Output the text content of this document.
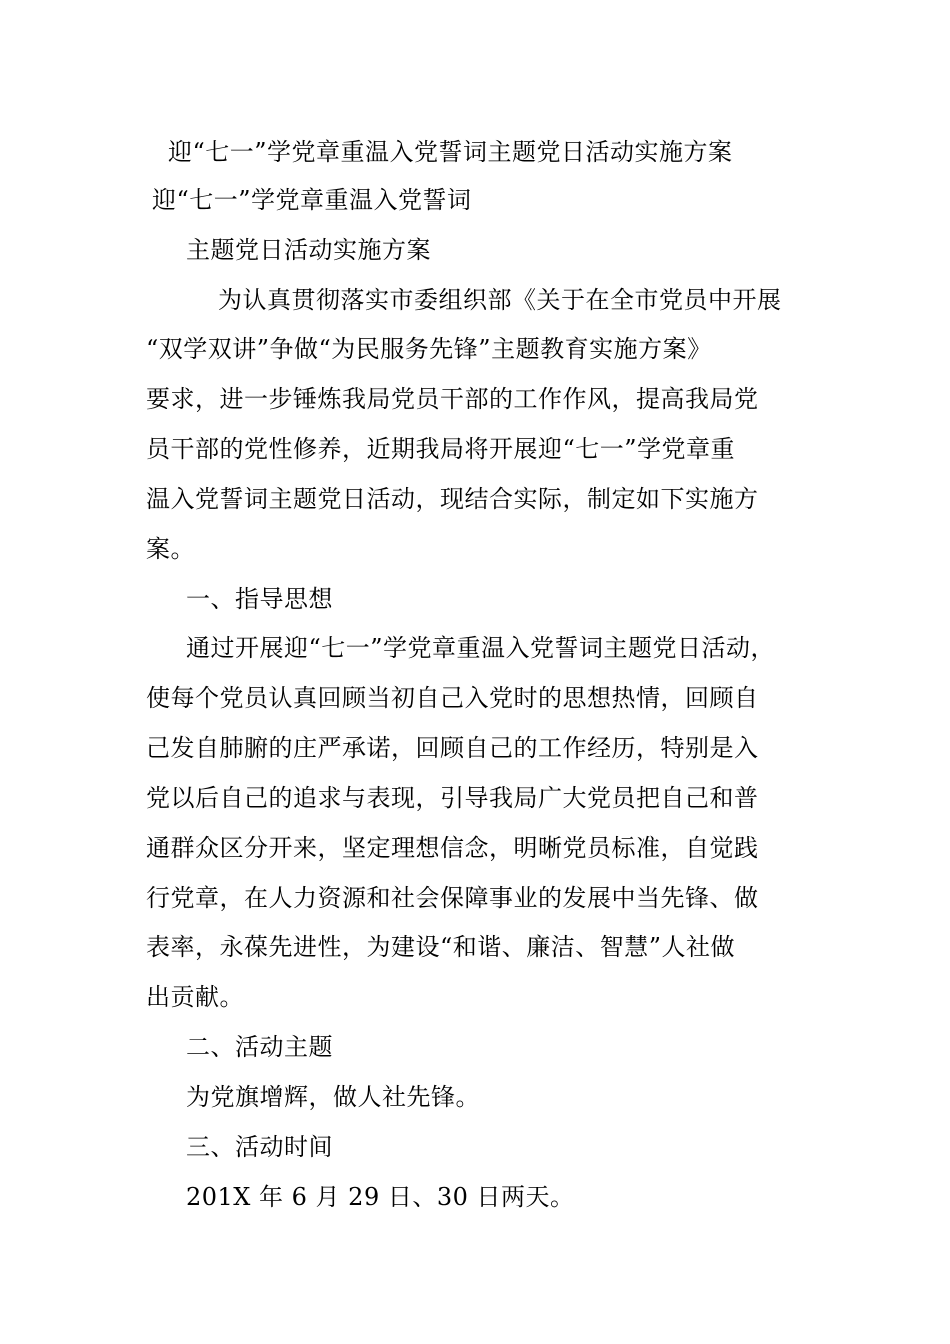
迎“七一”学党章重温入党誓词主题党日活动实施方案
迎“七一”学党章重温入党誓词
主题党日活动实施方案
为认真贯彻落实市委组织部《关于在全市党员中开展
“双学双讲”争做“为民服务先锋”主题教育实施方案》
要求，进一步锤炼我局党员干部的工作作风，提高我局党
员干部的党性修养，近期我局将开展迎“七一”学党章重
温入党誓词主题党日活动，现结合实际，制定如下实施方
案。
一、指导思想
通过开展迎“七一”学党章重温入党誓词主题党日活动，
使每个党员认真回顾当初自己入党时的思想热情，回顾自
己发自肺腑的庄严承诺，回顾自己的工作经历，特别是入
党以后自己的追求与表现，引导我局广大党员把自己和普
通群众区分开来，坚定理想信念，明晰党员标准，自觉践
行党章，在人力资源和社会保障事业的发展中当先锋、做
表率，永葆先进性，为建设“和谐、廉洁、智慧”人社做
出贡献。
二、活动主题
为党旗增辉，做人社先锋。
三、活动时间
201X 年 6 月 29 日、30 日两天。
